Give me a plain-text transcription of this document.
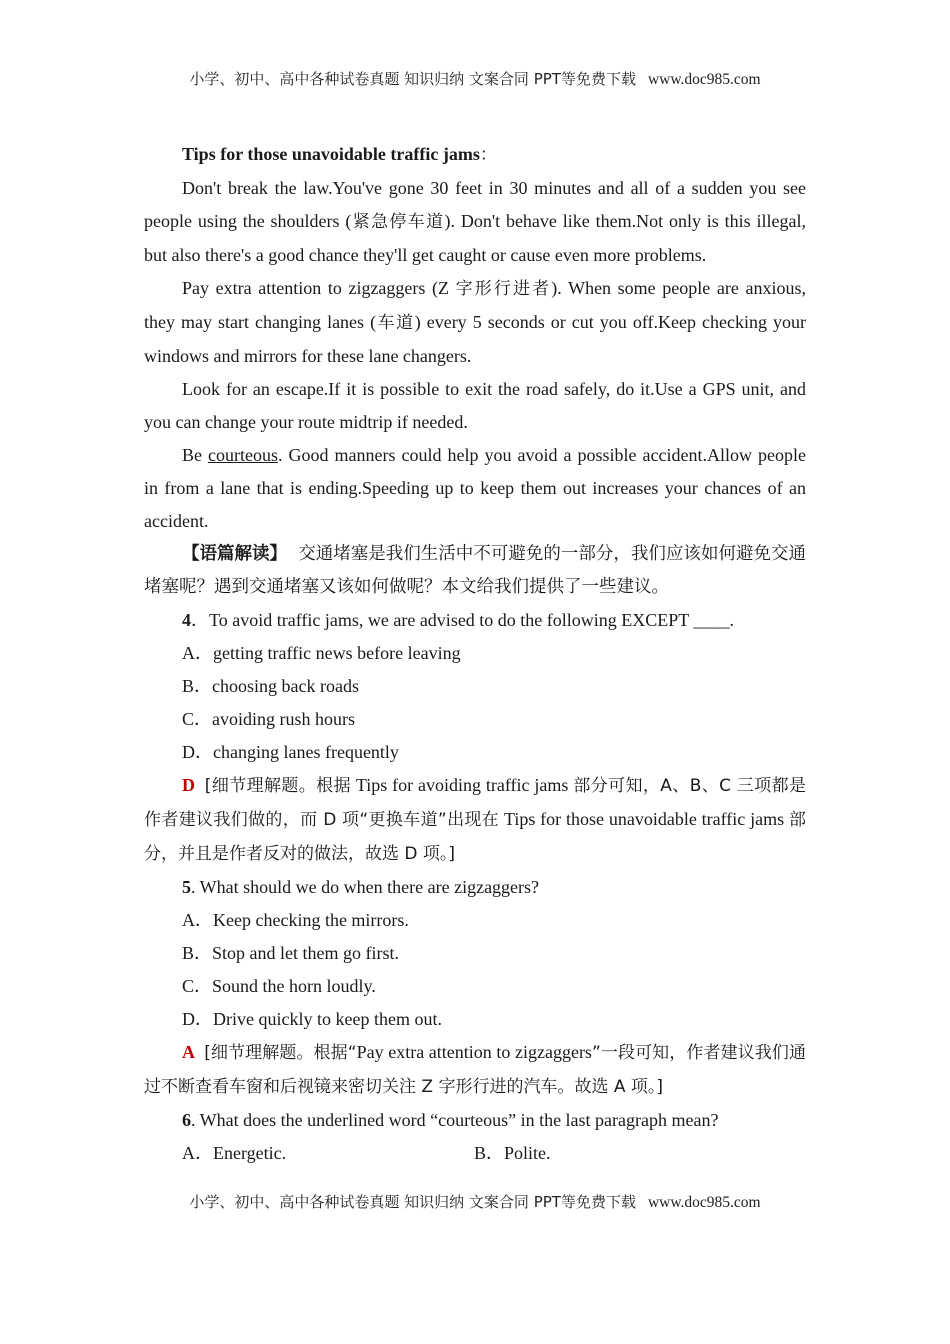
小学、初中、高中各种试卷真题 知识归纳 文案合同 PPT等免费下载 www.doc985.com

Tips for those unavoidable traffic jams：

Don't break the law.You've gone 30 feet in 30 minutes and all of a sudden you see people using the shoulders (紧急停车道). Don't behave like them.Not only is this illegal, but also there's a good chance they'll get caught or cause even more problems.

Pay extra attention to zigzaggers (Z 字形行进者). When some people are anxious, they may start changing lanes (车道) every 5 seconds or cut you off.Keep checking your windows and mirrors for these lane changers.

Look for an escape.If it is possible to exit the road safely, do it.Use a GPS unit, and you can change your route midtrip if needed.

Be courteous. Good manners could help you avoid a possible accident.Allow people in from a lane that is ending.Speeding up to keep them out increases your chances of an accident.

【语篇解读】 交通堵塞是我们生活中不可避免的一部分，我们应该如何避免交通堵塞呢？遇到交通堵塞又该如何做呢？本文给我们提供了一些建议。

4．To avoid traffic jams, we are advised to do the following EXCEPT ____.

A．getting traffic news before leaving

B．choosing back roads

C．avoiding rush hours

D．changing lanes frequently

D [细节理解题。根据 Tips for avoiding traffic jams 部分可知，A、B、C 三项都是作者建议我们做的，而 D 项“更换车道”出现在 Tips for those unavoidable traffic jams 部分，并且是作者反对的做法，故选 D 项。]

5. What should we do when there are zigzaggers?

A．Keep checking the mirrors.

B．Stop and let them go first.

C．Sound the horn loudly.

D．Drive quickly to keep them out.

A [细节理解题。根据“Pay extra attention to zigzaggers”一段可知，作者建议我们通过不断查看车窗和后视镜来密切关注 Z 字形行进的汽车。故选 A 项。]

6. What does the underlined word “courteous” in the last paragraph mean?

A．Energetic.	B．Polite.

小学、初中、高中各种试卷真题 知识归纳 文案合同 PPT等免费下载 www.doc985.com
